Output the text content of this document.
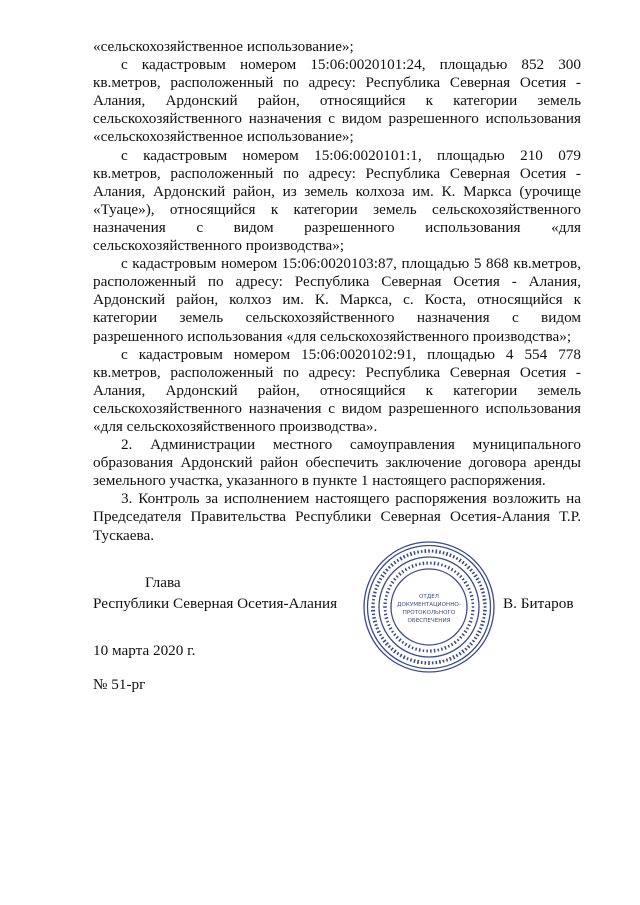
«сельскохозяйственное использование»;

с кадастровым номером 15:06:0020101:24, площадью 852 300 кв.метров, расположенный по адресу: Республика Северная Осетия - Алания, Ардонский район, относящийся к категории земель сельскохозяйственного назначения с видом разрешенного использования «сельскохозяйственное использование»;

с кадастровым номером 15:06:0020101:1, площадью 210 079 кв.метров, расположенный по адресу: Республика Северная Осетия - Алания, Ардонский район, из земель колхоза им. К. Маркса (урочище «Туаце»), относящийся к категории земель сельскохозяйственного назначения с видом разрешенного использования «для сельскохозяйственного производства»;

с кадастровым номером 15:06:0020103:87, площадью 5 868 кв.метров, расположенный по адресу: Республика Северная Осетия - Алания, Ардонский район, колхоз им. К. Маркса, с. Коста, относящийся к категории земель сельскохозяйственного назначения с видом разрешенного использования «для сельскохозяйственного производства»;

с кадастровым номером 15:06:0020102:91, площадью 4 554 778 кв.метров, расположенный по адресу: Республика Северная Осетия - Алания, Ардонский район, относящийся к категории земель сельскохозяйственного назначения с видом разрешенного использования «для сельскохозяйственного производства».

2. Администрации местного самоуправления муниципального образования Ардонский район обеспечить заключение договора аренды земельного участка, указанного в пункте 1 настоящего распоряжения.

3. Контроль за исполнением настоящего распоряжения возложить на Председателя Правительства Республики Северная Осетия-Алания Т.Р. Тускаева.

Глава
Республики Северная Осетия-Алания	В. Битаров
ОТДЕЛ
ДОКУМЕНТАЦИОННО-
ПРОТОКОЛЬНОГО
ОБЕСПЕЧЕНИЯ
10 марта 2020 г.
№ 51-рг
